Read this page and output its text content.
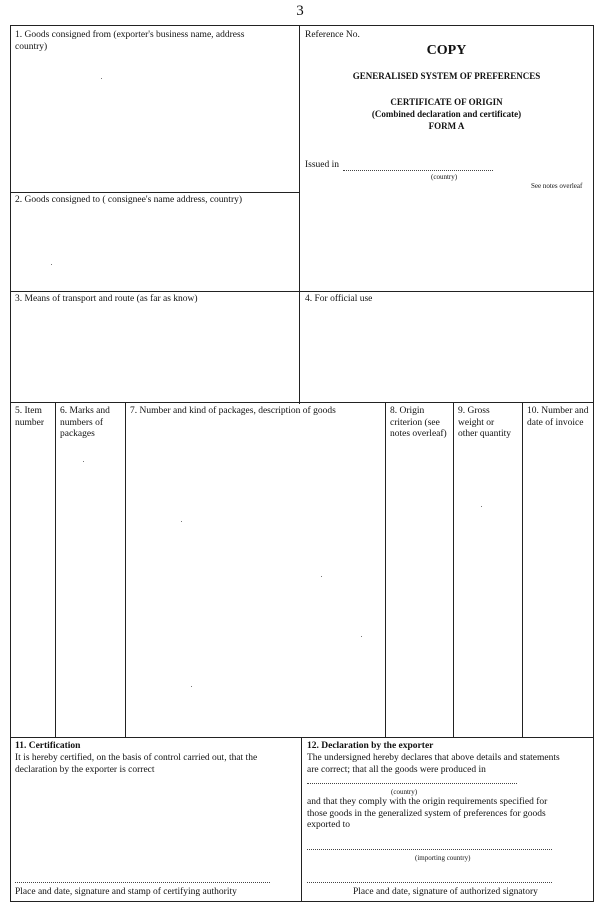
3
1. Goods consigned from (exporter's business name, address country)
Reference No.
COPY
GENERALISED SYSTEM OF PREFERENCES
CERTIFICATE OF ORIGIN
(Combined declaration and certificate)
FORM A
Issued in
(country)
See notes overleaf
2. Goods consigned to ( consignee's name address, country)
3. Means of transport and route (as far as know)	4. For official use
5. Item number
6. Marks and numbers of packages
7. Number and kind of packages, description of goods	8. Origin criterion (see notes overleaf)
9. Gross weight or other quantity
10. Number and date of invoice
11. Certification
It is hereby certified, on the basis of control carried out, that the declaration by the exporter is correct
Place and date, signature and stamp of certifying authority
12. Declaration by the exporter
The undersigned hereby declares that above details and statements are correct; that all the goods were produced in
(country)
and that they comply with the origin requirements specified for those goods in the generalized system of preferences for goods exported to
(importing country)
Place and date, signature of authorized signatory
